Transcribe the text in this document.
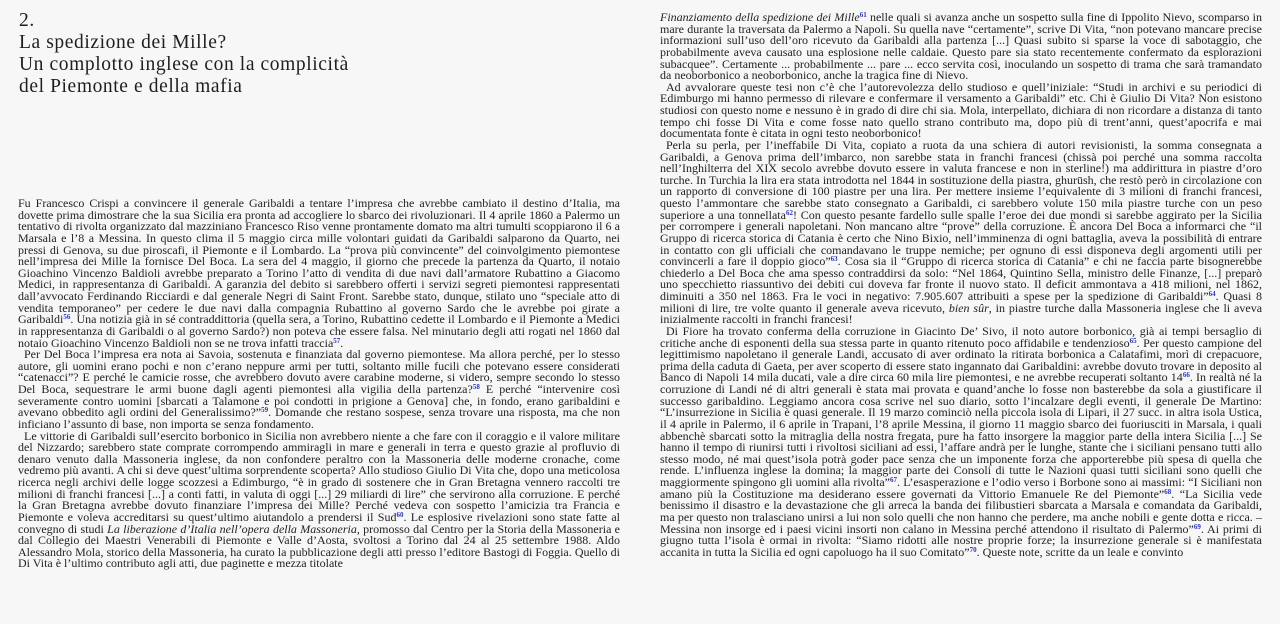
2.
La spedizione dei Mille?
Un complotto inglese con la complicità
del Piemonte e della mafia

Fu Francesco Crispi a convincere il generale Garibaldi a tentare l’impresa che avrebbe cambiato il destino d’Italia, ma dovette prima dimostrare che la sua Sicilia era pronta ad accogliere lo sbarco dei rivoluzionari. Il 4 aprile 1860 a Palermo un tentativo di rivolta organizzato dal mazziniano Francesco Riso venne prontamente domato ma altri tumulti scoppiarono il 6 a Marsala e l’8 a Messina. In questo clima il 5 maggio circa mille volontari guidati da Garibaldi salparono da Quarto, nei pressi di Genova, su due piroscafi, il Piemonte e il Lombardo. La “prova più convincente” del coinvolgimento piemontese nell’impresa dei Mille la fornisce Del Boca. La sera del 4 maggio, il giorno che precede la partenza da Quarto, il notaio Gioachino Vincenzo Baldioli avrebbe preparato a Torino l’atto di vendita di due navi dall’armatore Rubattino a Giacomo Medici, in rappresentanza di Garibaldi. A garanzia del debito si sarebbero offerti i servizi segreti piemontesi rappresentati dall’avvocato Ferdinando Ricciardi e dal generale Negri di Saint Front. Sarebbe stato, dunque, stilato uno “speciale atto di vendita temporaneo” per cedere le due navi dalla compagnia Rubattino al governo Sardo che le avrebbe poi girate a Garibaldi$^{56}$. Una notizia già in sé contraddittoria (quella sera, a Torino, Rubattino cedette il Lombardo e il Piemonte a Medici in rappresentanza di Garibaldi o al governo Sardo?) non poteva che essere falsa. Nel minutario degli atti rogati nel 1860 dal notaio Gioachino Vincenzo Baldioli non se ne trova infatti traccia$^{57}$.

Per Del Boca l’impresa era nota ai Savoia, sostenuta e finanziata dal governo piemontese. Ma allora perché, per lo stesso autore, gli uomini erano pochi e non c’erano neppure armi per tutti, soltanto mille fucili che potevano essere considerati “catenacci”? E perché le camicie rosse, che avrebbero dovuto avere carabine moderne, si videro, sempre secondo lo stesso Del Boca, sequestrare le armi buone dagli agenti piemontesi alla vigilia della partenza?$^{58}$ E perché “intervenire così severamente contro uomini [sbarcati a Talamone e poi condotti in prigione a Genova] che, in fondo, erano garibaldini e avevano obbedito agli ordini del Generalissimo?”$^{59}$. Domande che restano sospese, senza trovare una risposta, ma che non inficiano l’assunto di base, non importa se senza fondamento.

Le vittorie di Garibaldi sull’esercito borbonico in Sicilia non avrebbero niente a che fare con il coraggio e il valore militare del Nizzardo; sarebbero state comprate corrompendo ammiragli in mare e generali in terra e questo grazie al profluvio di denaro venuto dalla Massoneria inglese, da non confondere peraltro con la Massoneria delle moderne cronache, come vedremo più avanti. A chi si deve quest’ultima sorprendente scoperta? Allo studioso Giulio Di Vita che, dopo una meticolosa ricerca negli archivi delle logge scozzesi a Edimburgo, “è in grado di sostenere che in Gran Bretagna vennero raccolti tre milioni di franchi francesi [...] a conti fatti, in valuta di oggi [...] 29 miliardi di lire” che servirono alla corruzione. E perché la Gran Bretagna avrebbe dovuto finanziare l’impresa dei Mille? Perché vedeva con sospetto l’amicizia tra Francia e Piemonte e voleva accreditarsi su quest’ultimo aiutandolo a prendersi il Sud$^{60}$. Le esplosive rivelazioni sono state fatte al convegno di studi La liberazione d’Italia nell’opera della Massoneria, promosso dal Centro per la Storia della Massoneria e dal Collegio dei Maestri Venerabili di Piemonte e Valle d’Aosta, svoltosi a Torino dal 24 al 25 settembre 1988. Aldo Alessandro Mola, storico della Massoneria, ha curato la pubblicazione degli atti presso l’editore Bastogi di Foggia. Quello di Di Vita è l’ultimo contributo agli atti, due paginette e mezza titolate

Finanziamento della spedizione dei Mille$^{61}$ nelle quali si avanza anche un sospetto sulla fine di Ippolito Nievo, scomparso in mare durante la traversata da Palermo a Napoli. Su quella nave “certamente”, scrive Di Vita, “non potevano mancare precise informazioni sull’uso dell’oro ricevuto da Garibaldi alla partenza [...] Quasi subito si sparse la voce di sabotaggio, che probabilmente aveva causato una esplosione nelle caldaie. Questo pare sia stato recentemente confermato da esplorazioni subacquee”. Certamente ... probabilmente ... pare ... ecco servita così, inoculando un sospetto di trama che sarà tramandato da neoborbonico a neoborbonico, anche la tragica fine di Nievo.

Ad avvalorare queste tesi non c’è che l’autorevolezza dello studioso e quell’iniziale: “Studi in archivi e su periodici di Edimburgo mi hanno permesso di rilevare e confermare il versamento a Garibaldi” etc. Chi è Giulio Di Vita? Non esistono studiosi con questo nome e nessuno è in grado di dire chi sia. Mola, interpellato, dichiara di non ricordare a distanza di tanto tempo chi fosse Di Vita e come fosse nato quello strano contributo ma, dopo più di trent’anni, quest’apocrifa e mai documentata fonte è citata in ogni testo neoborbonico!

Perla su perla, per l’ineffabile Di Vita, copiato a ruota da una schiera di autori revisionisti, la somma consegnata a Garibaldi, a Genova prima dell’imbarco, non sarebbe stata in franchi francesi (chissà poi perché una somma raccolta nell’Inghilterra del XIX secolo avrebbe dovuto essere in valuta francese e non in sterline!) ma addirittura in piastre d’oro turche. In Turchia la lira era stata introdotta nel 1844 in sostituzione della piastra, ghurūsh, che restò però in circolazione con un rapporto di conversione di 100 piastre per una lira. Per mettere insieme l’equivalente di 3 milioni di franchi francesi, questo l’ammontare che sarebbe stato consegnato a Garibaldi, ci sarebbero volute 150 mila piastre turche con un peso superiore a una tonnellata$^{62}$! Con questo pesante fardello sulle spalle l’eroe dei due mondi si sarebbe aggirato per la Sicilia per corrompere i generali napoletani. Non mancano altre “prove” della corruzione. È ancora Del Boca a informarci che “il Gruppo di ricerca storica di Catania è certo che Nino Bixio, nell’imminenza di ogni battaglia, aveva la possibilità di entrare in contatto con gli ufficiali che comandavano le truppe nemiche; per ognuno di essi disponeva degli argomenti utili per convincerli a fare il doppio gioco”$^{63}$. Cosa sia il “Gruppo di ricerca storica di Catania” e chi ne faccia parte bisognerebbe chiederlo a Del Boca che ama spesso contraddirsi da solo: “Nel 1864, Quintino Sella, ministro delle Finanze, [...] preparò uno specchietto riassuntivo dei debiti cui doveva far fronte il nuovo stato. Il deficit ammontava a 418 milioni, nel 1862, diminuiti a 350 nel 1863. Fra le voci in negativo: 7.905.607 attribuiti a spese per la spedizione di Garibaldi”$^{64}$. Quasi 8 milioni di lire, tre volte quanto il generale aveva ricevuto, bien sûr, in piastre turche dalla Massoneria inglese che li aveva inizialmente raccolti in franchi francesi!

Di Fiore ha trovato conferma della corruzione in Giacinto De’ Sivo, il noto autore borbonico, già ai tempi bersaglio di critiche anche di esponenti della sua stessa parte in quanto ritenuto poco affidabile e tendenzioso$^{65}$. Per questo campione del legittimismo napoletano il generale Landi, accusato di aver ordinato la ritirata borbonica a Calatafimi, morì di crepacuore, prima della caduta di Gaeta, per aver scoperto di essere stato ingannato dai Garibaldini: avrebbe dovuto trovare in deposito al Banco di Napoli 14 mila ducati, vale a dire circa 60 mila lire piemontesi, e ne avrebbe recuperati soltanto 14$^{66}$. In realtà né la corruzione di Landi né di altri generali è stata mai provata e quand’anche lo fosse non basterebbe da sola a giustificare il successo garibaldino. Leggiamo ancora cosa scrive nel suo diario, sotto l’incalzare degli eventi, il generale De Martino: “L’insurrezione in Sicilia è quasi generale. Il 19 marzo cominciò nella piccola isola di Lipari, il 27 succ. in altra isola Ustica, il 4 aprile in Palermo, il 6 aprile in Trapani, l’8 aprile Messina, il giorno 11 maggio sbarco dei fuoriusciti in Marsala, i quali abbenchè sbarcati sotto la mitraglia della nostra fregata, pure ha fatto insorgere la maggior parte della intera Sicilia [...] Se hanno il tempo di riunirsi tutti i rivoltosi siciliani ad essi, l’affare andrà per le lunghe, stante che i siciliani pensano tutti allo stesso modo, né mai quest’isola potrà goder pace senza che un imponente forza che apporterebbe più spesa di quella che rende. L’influenza inglese la domina; la maggior parte dei Consoli di tutte le Nazioni quasi tutti siciliani sono quelli che maggiormente spingono gli uomini alla rivolta”$^{67}$. L’esasperazione e l’odio verso i Borbone sono ai massimi: “I Siciliani non amano più la Costituzione ma desiderano essere governati da Vittorio Emanuele Re del Piemonte”$^{68}$. “La Sicilia vede benissimo il disastro e la devastazione che gli arreca la banda dei filibustieri sbarcata a Marsala e comandata da Garibaldi, ma per questo non tralasciano unirsi a lui non solo quelli che non hanno che perdere, ma anche nobili e gente dotta e ricca. – Messina non insorge ed i paesi vicini insorti non calano in Messina perché attendono il risultato di Palermo”$^{69}$. Ai primi di giugno tutta l’isola è ormai in rivolta: “Siamo ridotti alle nostre proprie forze; la insurrezione generale si è manifestata accanita in tutta la Sicilia ed ogni capoluogo ha il suo Comitato”$^{70}$. Queste note, scritte da un leale e convinto
